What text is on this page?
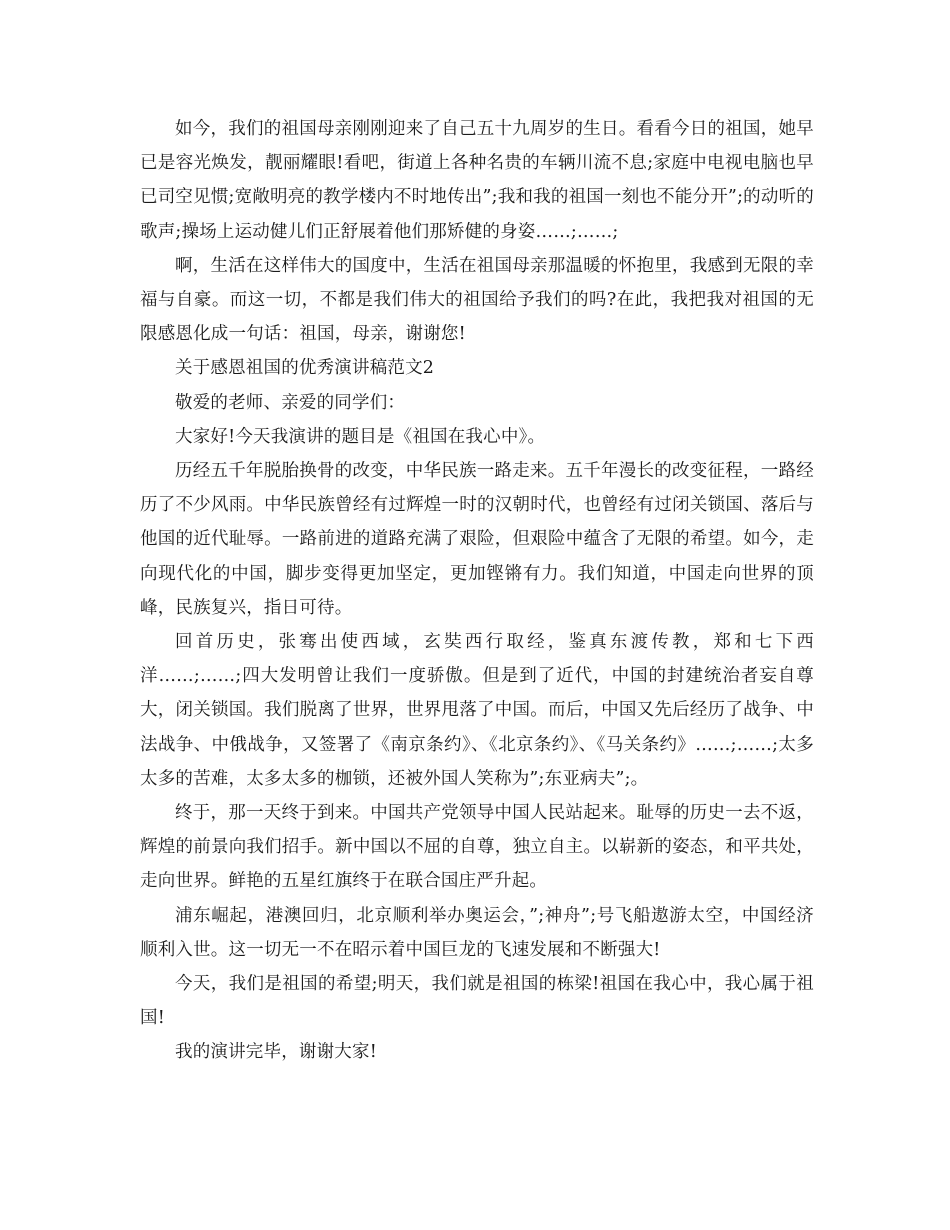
如今，我们的祖国母亲刚刚迎来了自己五十九周岁的生日。看看今日的祖国，她早已是容光焕发，靓丽耀眼!看吧，街道上各种名贵的车辆川流不息;家庭中电视电脑也早已司空见惯;宽敞明亮的教学楼内不时地传出”;我和我的祖国一刻也不能分开”;的动听的歌声;操场上运动健儿们正舒展着他们那矫健的身姿……;……;

啊，生活在这样伟大的国度中，生活在祖国母亲那温暖的怀抱里，我感到无限的幸福与自豪。而这一切，不都是我们伟大的祖国给予我们的吗?在此，我把我对祖国的无限感恩化成一句话：祖国，母亲，谢谢您!

关于感恩祖国的优秀演讲稿范文2

敬爱的老师、亲爱的同学们：

大家好!今天我演讲的题目是《祖国在我心中》。

历经五千年脱胎换骨的改变，中华民族一路走来。五千年漫长的改变征程，一路经历了不少风雨。中华民族曾经有过辉煌一时的汉朝时代，也曾经有过闭关锁国、落后与他国的近代耻辱。一路前进的道路充满了艰险，但艰险中蕴含了无限的希望。如今，走向现代化的中国，脚步变得更加坚定，更加铿锵有力。我们知道，中国走向世界的顶峰，民族复兴，指日可待。

回首历史，张骞出使西域，玄奘西行取经，鉴真东渡传教，郑和七下西洋……;……;四大发明曾让我们一度骄傲。但是到了近代，中国的封建统治者妄自尊大，闭关锁国。我们脱离了世界，世界甩落了中国。而后，中国又先后经历了战争、中法战争、中俄战争，又签署了《南京条约》、《北京条约》、《马关条约》……;……;太多太多的苦难，太多太多的枷锁，还被外国人笑称为”;东亚病夫”;。

终于，那一天终于到来。中国共产党领导中国人民站起来。耻辱的历史一去不返，辉煌的前景向我们招手。新中国以不屈的自尊，独立自主。以崭新的姿态，和平共处，走向世界。鲜艳的五星红旗终于在联合国庄严升起。

浦东崛起，港澳回归，北京顺利举办奥运会，”;神舟”;号飞船遨游太空，中国经济顺利入世。这一切无一不在昭示着中国巨龙的飞速发展和不断强大!

今天，我们是祖国的希望;明天，我们就是祖国的栋梁!祖国在我心中，我心属于祖国!

我的演讲完毕，谢谢大家!
